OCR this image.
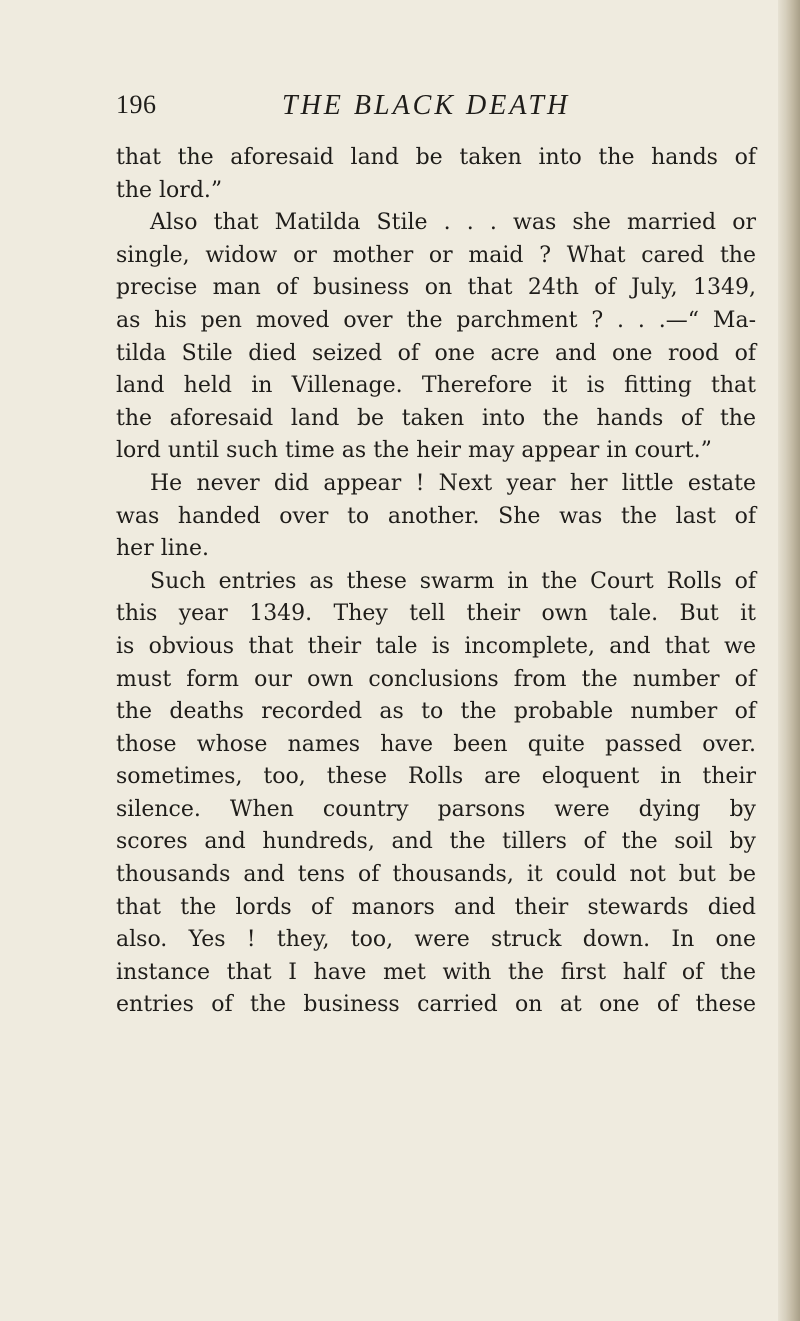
196	THE BLACK DEATH
that the aforesaid land be taken into the hands of
the lord.”
Also that Matilda Stile . . . was she married or
single, widow or mother or maid ? What cared the
precise man of business on that 24th of July, 1349,
as his pen moved over the parchment ? . . .—“ Ma-
tilda Stile died seized of one acre and one rood of
land held in Villenage. Therefore it is fitting that
the aforesaid land be taken into the hands of the
lord until such time as the heir may appear in court.”
He never did appear ! Next year her little estate
was handed over to another. She was the last of
her line.
Such entries as these swarm in the Court Rolls of
this year 1349. They tell their own tale. But it
is obvious that their tale is incomplete, and that we
must form our own conclusions from the number of
the deaths recorded as to the probable number of
those whose names have been quite passed over.
sometimes, too, these Rolls are eloquent in their
silence. When country parsons were dying by
scores and hundreds, and the tillers of the soil by
thousands and tens of thousands, it could not but be
that the lords of manors and their stewards died
also. Yes ! they, too, were struck down. In one
instance that I have met with the first half of the
entries of the business carried on at one of these
